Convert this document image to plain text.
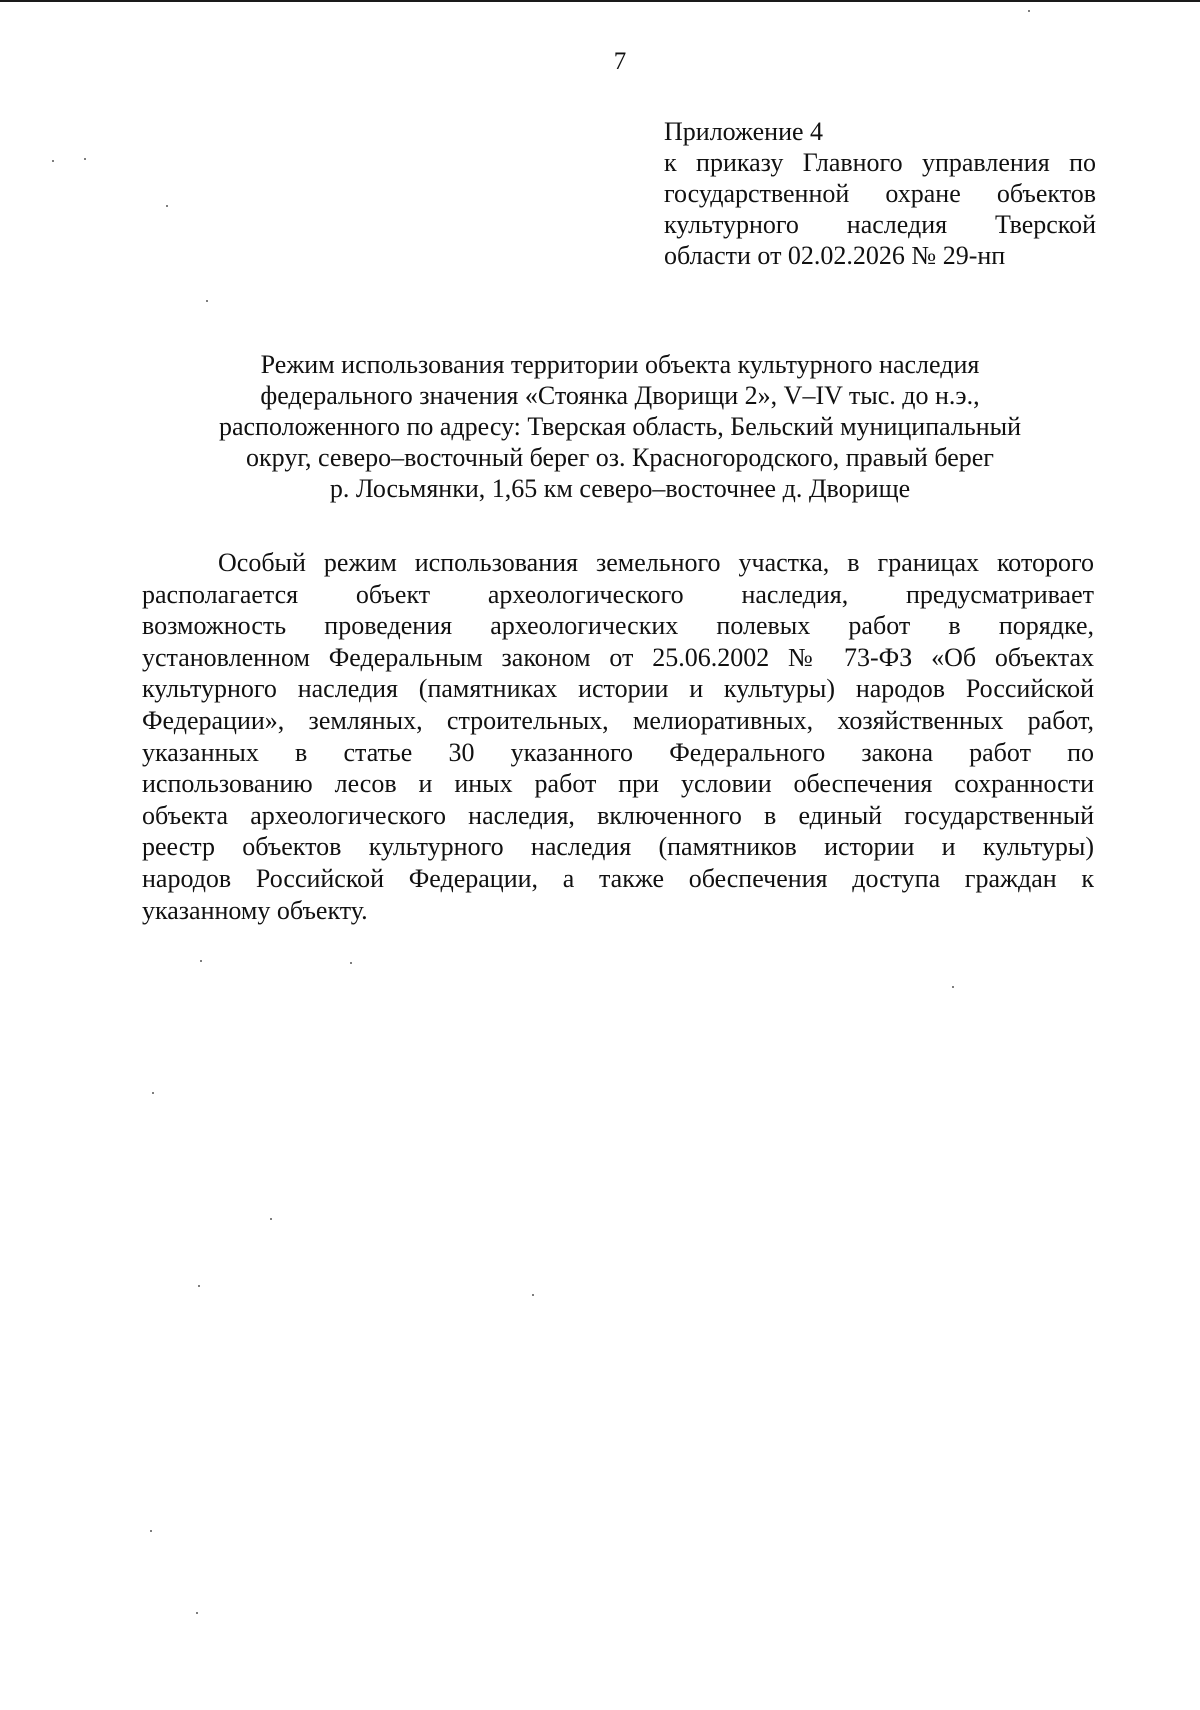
7
Приложение 4
к приказу Главного управления по
государственной охране объектов
культурного наследия Тверской
области от 02.02.2026 № 29-нп
Режим использования территории объекта культурного наследия
федерального значения «Стоянка Дворищи 2», V–IV тыс. до н.э.,
расположенного по адресу: Тверская область, Бельский муниципальный
округ, северо–восточный берег оз. Красногородского, правый берег
р. Лосьмянки, 1,65 км северо–восточнее д. Дворище
Особый режим использования земельного участка, в границах которого
располагается объект археологического наследия, предусматривает
возможность проведения археологических полевых работ в порядке,
установленном Федеральным законом от 25.06.2002 № 73-ФЗ «Об объектах
культурного наследия (памятниках истории и культуры) народов Российской
Федерации», земляных, строительных, мелиоративных, хозяйственных работ,
указанных в статье 30 указанного Федерального закона работ по
использованию лесов и иных работ при условии обеспечения сохранности
объекта археологического наследия, включенного в единый государственный
реестр объектов культурного наследия (памятников истории и культуры)
народов Российской Федерации, а также обеспечения доступа граждан к
указанному объекту.
